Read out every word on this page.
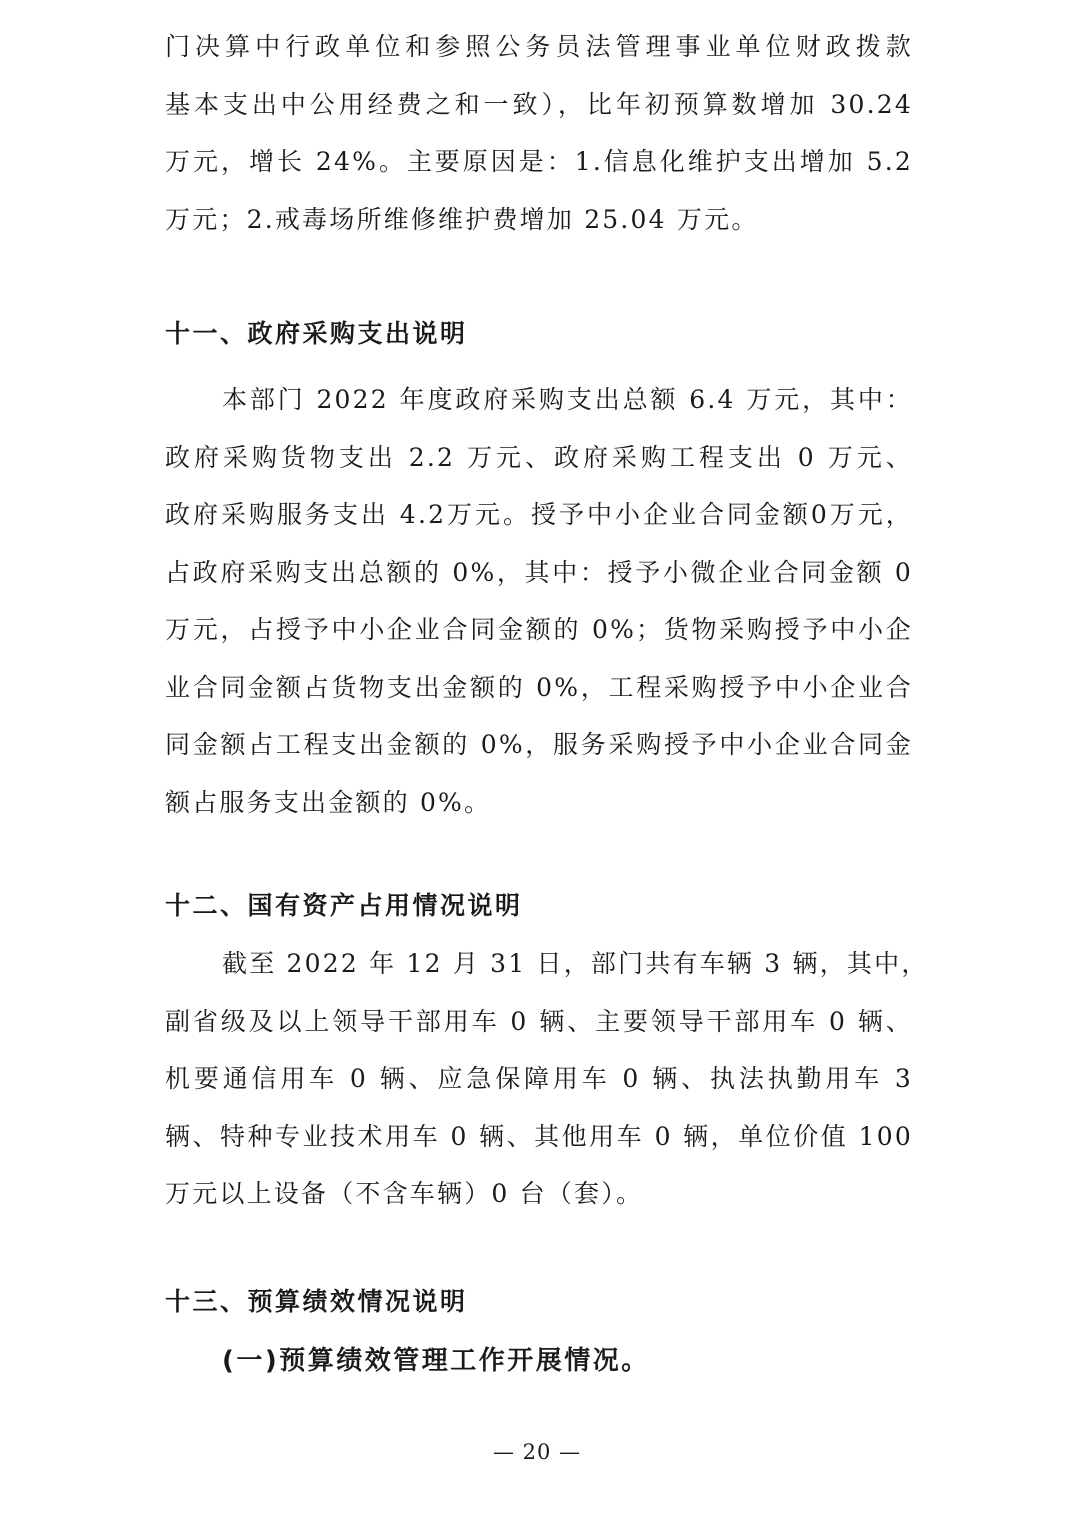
门决算中行政单位和参照公务员法管理事业单位财政拨款
基本支出中公用经费之和一致），比年初预算数增加 30.24
万元，增长 24%。主要原因是：1.信息化维护支出增加 5.2
万元；2.戒毒场所维修维护费增加 25.04 万元。
十一、政府采购支出说明
本部门 2022 年度政府采购支出总额 6.4 万元，其中：
政府采购货物支出 2.2 万元、政府采购工程支出 0 万元、
政府采购服务支出 4.2万元。授予中小企业合同金额0万元，
占政府采购支出总额的 0%，其中：授予小微企业合同金额 0
万元，占授予中小企业合同金额的 0%；货物采购授予中小企
业合同金额占货物支出金额的 0%，工程采购授予中小企业合
同金额占工程支出金额的 0%，服务采购授予中小企业合同金
额占服务支出金额的 0%。
十二、国有资产占用情况说明
截至 2022 年 12 月 31 日，部门共有车辆 3 辆，其中，
副省级及以上领导干部用车 0 辆、主要领导干部用车 0 辆、
机要通信用车 0 辆、应急保障用车 0 辆、执法执勤用车 3
辆、特种专业技术用车 0 辆、其他用车 0 辆，单位价值 100
万元以上设备（不含车辆）0 台（套）。
十三、预算绩效情况说明
(一)预算绩效管理工作开展情况。
— 20 —
